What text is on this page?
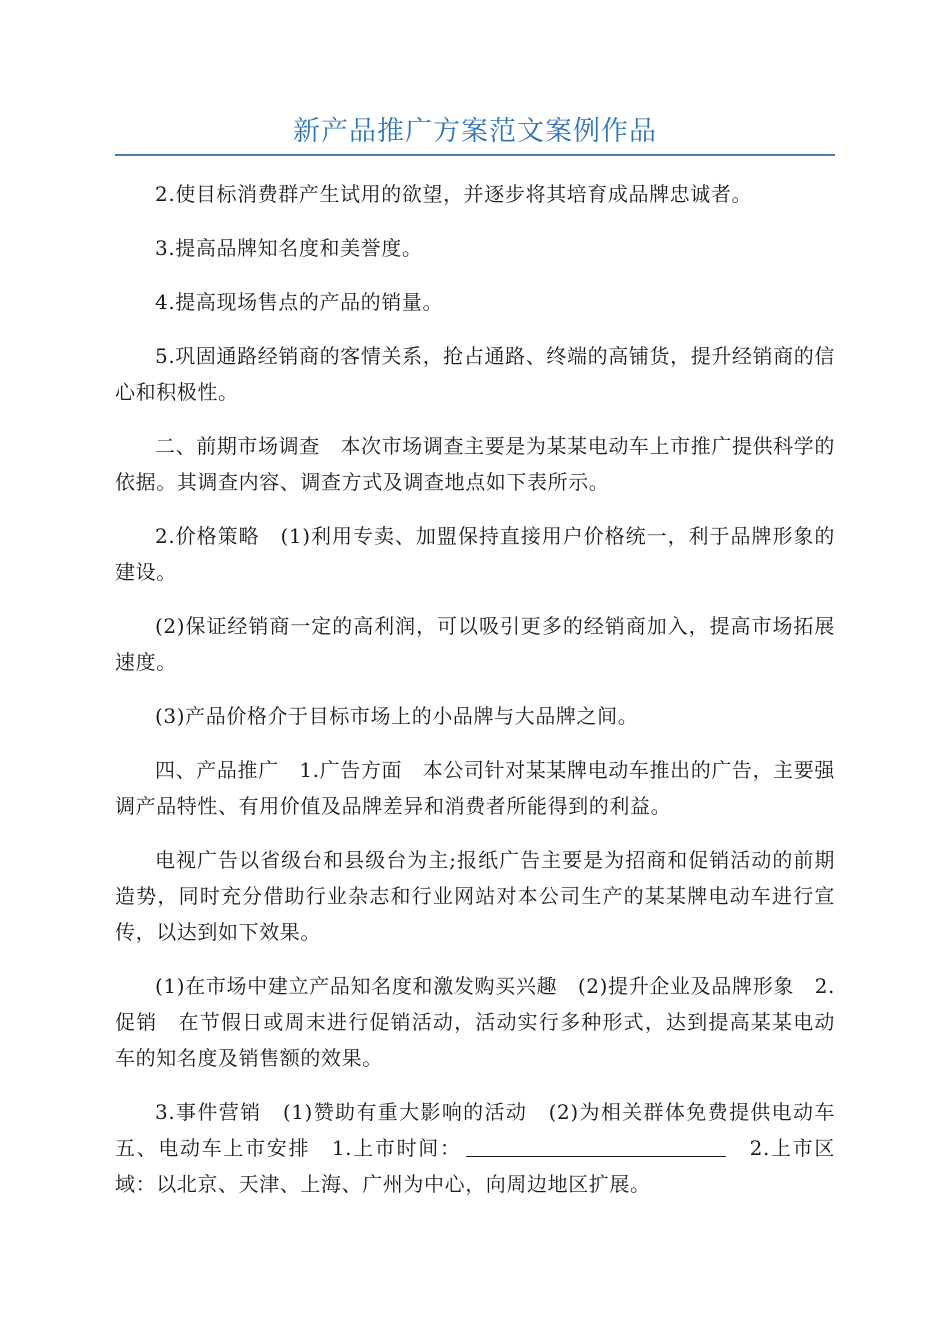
新产品推广方案范文案例作品

2.使目标消费群产生试用的欲望，并逐步将其培育成品牌忠诚者。

3.提高品牌知名度和美誉度。

4.提高现场售点的产品的销量。

5.巩固通路经销商的客情关系，抢占通路、终端的高铺货，提升经销商的信心和积极性。

二、前期市场调查　本次市场调查主要是为某某电动车上市推广提供科学的依据。其调查内容、调查方式及调查地点如下表所示。

2.价格策略　(1)利用专卖、加盟保持直接用户价格统一，利于品牌形象的建设。

(2)保证经销商一定的高利润，可以吸引更多的经销商加入，提高市场拓展速度。

(3)产品价格介于目标市场上的小品牌与大品牌之间。

四、产品推广　1.广告方面　本公司针对某某牌电动车推出的广告，主要强调产品特性、有用价值及品牌差异和消费者所能得到的利益。

电视广告以省级台和县级台为主;报纸广告主要是为招商和促销活动的前期造势，同时充分借助行业杂志和行业网站对本公司生产的某某牌电动车进行宣传，以达到如下效果。

(1)在市场中建立产品知名度和激发购买兴趣　(2)提升企业及品牌形象　2.促销　在节假日或周末进行促销活动，活动实行多种形式，达到提高某某电动车的知名度及销售额的效果。

3.事件营销　(1)赞助有重大影响的活动　(2)为相关群体免费提供电动车　五、电动车上市安排　1.上市时间：	2.上市区域：以北京、天津、上海、广州为中心，向周边地区扩展。
